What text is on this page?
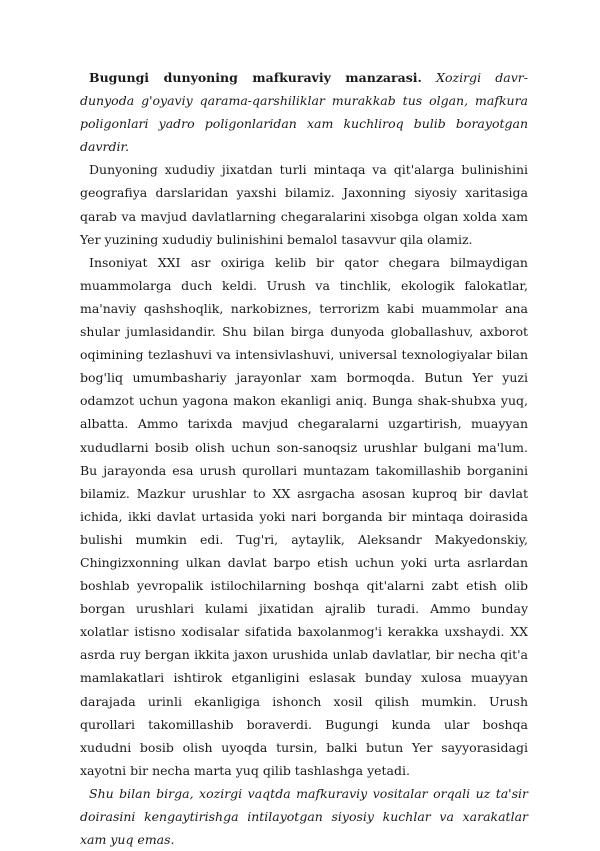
Bugungi dunyoning mafkuraviy manzarasi. Xozirgi davr-dunyoda g'oyaviy qarama-qarshiliklar murakkab tus olgan, mafkura poligonlari yadro poligonlaridan xam kuchliroq bulib borayotgan davrdir.

Dunyoning xududiy jixatdan turli mintaqa va qit'alarga bulinishini geografiya darslaridan yaxshi bilamiz. Jaxonning siyosiy xaritasiga qarab va mavjud davlatlarning chegaralarini xisobga olgan xolda xam Yer yuzining xududiy bulinishini bemalol tasavvur qila olamiz.

Insoniyat XXI asr oxiriga kelib bir qator chegara bilmaydigan muammolarga duch keldi. Urush va tinchlik, ekologik falokatlar, ma'naviy qashshoqlik, narkobiznes, terrorizm kabi muammolar ana shular jumlasidandir. Shu bilan birga dunyoda globallashuv, axborot oqimining tezlashuvi va intensivlashuvi, universal texnologiyalar bilan bog'liq umumbashariy jarayonlar xam bormoqda. Butun Yer yuzi odamzot uchun yagona makon ekanligi aniq. Bunga shak-shubxa yuq, albatta. Ammo tarixda mavjud chegaralarni uzgartirish, muayyan xududlarni bosib olish uchun son-sanoqsiz urushlar bulgani ma'lum. Bu jarayonda esa urush qurollari muntazam takomillashib borganini bilamiz. Mazkur urushlar to XX asrgacha asosan kuproq bir davlat ichida, ikki davlat urtasida yoki nari borganda bir mintaqa doirasida bulishi mumkin edi. Tug'ri, aytaylik, Aleksandr Makyedonskiy, Chingizxonning ulkan davlat barpo etish uchun yoki urta asrlardan boshlab yevropalik istilochilarning boshqa qit'alarni zabt etish olib borgan urushlari kulami jixatidan ajralib turadi. Ammo bunday xolatlar istisno xodisalar sifatida baxolanmog'i kerakka uxshaydi. XX asrda ruy bergan ikkita jaxon urushida unlab davlatlar, bir necha qit'a mamlakatlari ishtirok etganligini eslasak bunday xulosa muayyan darajada urinli ekanligiga ishonch xosil qilish mumkin. Urush qurollari takomillashib boraverdi. Bugungi kunda ular boshqa xududni bosib olish uyoqda tursin, balki butun Yer sayyorasidagi xayotni bir necha marta yuq qilib tashlashga yetadi.

Shu bilan birga, xozirgi vaqtda mafkuraviy vositalar orqali uz ta'sir doirasini kengaytirishga intilayotgan siyosiy kuchlar va xarakatlar xam yuq emas.
